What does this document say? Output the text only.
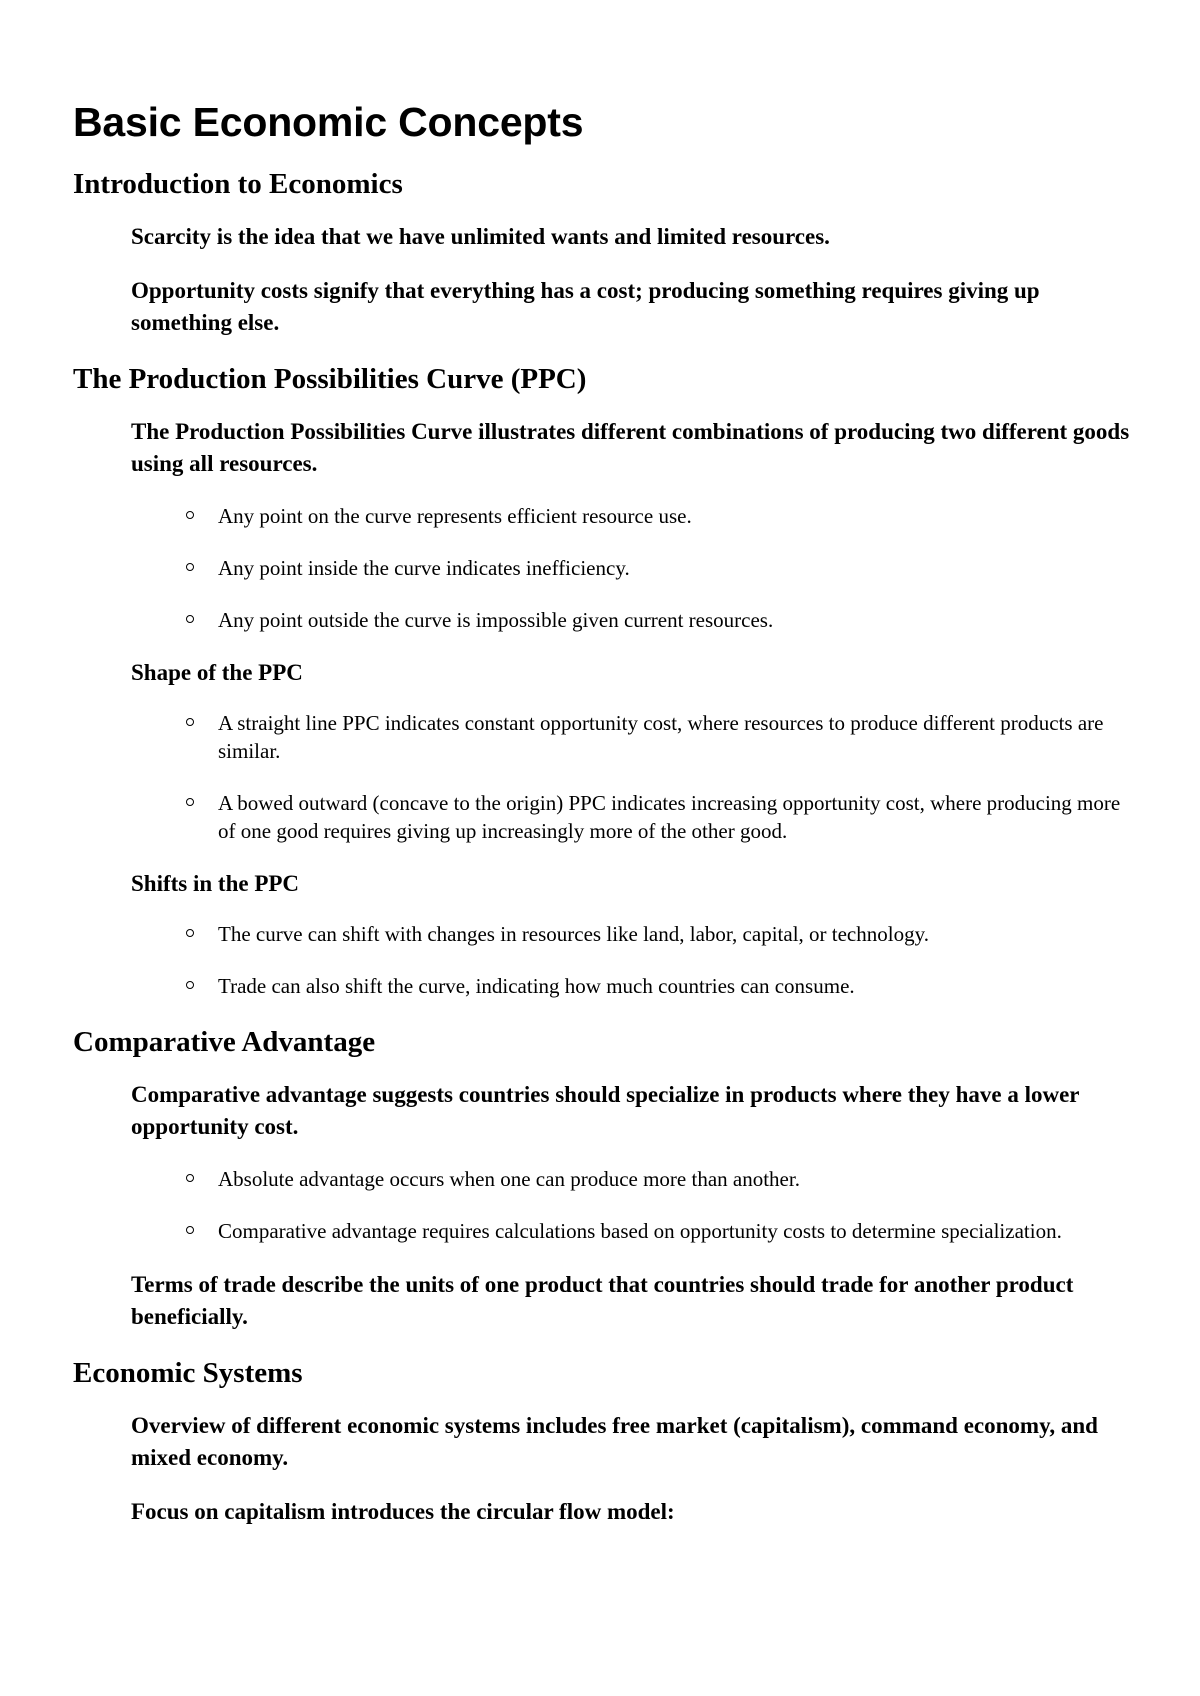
Basic Economic Concepts
Introduction to Economics

Scarcity is the idea that we have unlimited wants and limited resources.

Opportunity costs signify that everything has a cost; producing something requires giving up something else.

The Production Possibilities Curve (PPC)

The Production Possibilities Curve illustrates different combinations of producing two different goods using all resources.

Any point on the curve represents efficient resource use.
Any point inside the curve indicates inefficiency.
Any point outside the curve is impossible given current resources.
Shape of the PPC
A straight line PPC indicates constant opportunity cost, where resources to produce different products are similar.
A bowed outward (concave to the origin) PPC indicates increasing opportunity cost, where producing more of one good requires giving up increasingly more of the other good.
Shifts in the PPC
The curve can shift with changes in resources like land, labor, capital, or technology.
Trade can also shift the curve, indicating how much countries can consume.
Comparative Advantage

Comparative advantage suggests countries should specialize in products where they have a lower opportunity cost.

Absolute advantage occurs when one can produce more than another.
Comparative advantage requires calculations based on opportunity costs to determine specialization.

Terms of trade describe the units of one product that countries should trade for another product beneficially.

Economic Systems

Overview of different economic systems includes free market (capitalism), command economy, and mixed economy.

Focus on capitalism introduces the circular flow model:
